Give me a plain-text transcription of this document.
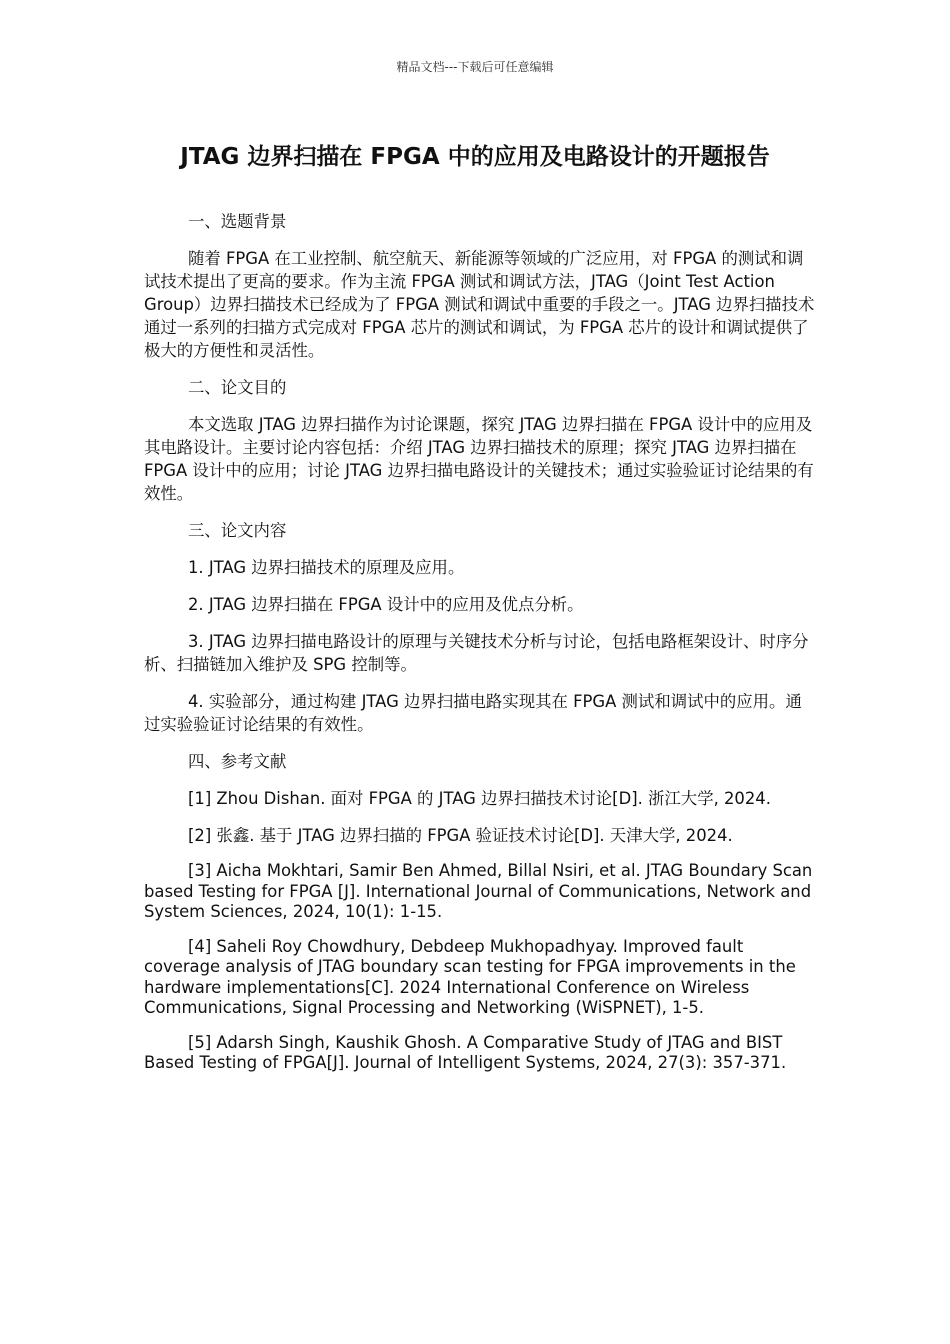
精品文档---下载后可任意编辑
JTAG 边界扫描在 FPGA 中的应用及电路设计的开题报告

一、选题背景

随着 FPGA 在工业控制、航空航天、新能源等领域的广泛应用，对 FPGA 的测试和调试技术提出了更高的要求。作为主流 FPGA 测试和调试方法，JTAG（Joint Test Action Group）边界扫描技术已经成为了 FPGA 测试和调试中重要的手段之一。JTAG 边界扫描技术通过一系列的扫描方式完成对 FPGA 芯片的测试和调试，为 FPGA 芯片的设计和调试提供了极大的方便性和灵活性。

二、论文目的

本文选取 JTAG 边界扫描作为讨论课题，探究 JTAG 边界扫描在 FPGA 设计中的应用及其电路设计。主要讨论内容包括：介绍 JTAG 边界扫描技术的原理；探究 JTAG 边界扫描在 FPGA 设计中的应用；讨论 JTAG 边界扫描电路设计的关键技术；通过实验验证讨论结果的有效性。

三、论文内容

1. JTAG 边界扫描技术的原理及应用。

2. JTAG 边界扫描在 FPGA 设计中的应用及优点分析。

3. JTAG 边界扫描电路设计的原理与关键技术分析与讨论，包括电路框架设计、时序分析、扫描链加入维护及 SPG 控制等。

4. 实验部分，通过构建 JTAG 边界扫描电路实现其在 FPGA 测试和调试中的应用。通过实验验证讨论结果的有效性。

四、参考文献

[1] Zhou Dishan. 面对 FPGA 的 JTAG 边界扫描技术讨论[D]. 浙江大学, 2024.

[2] 张鑫. 基于 JTAG 边界扫描的 FPGA 验证技术讨论[D]. 天津大学, 2024.

[3] Aicha Mokhtari, Samir Ben Ahmed, Billal Nsiri, et al. JTAG Boundary Scan based Testing for FPGA [J]. International Journal of Communications, Network and System Sciences, 2024, 10(1): 1-15.

[4] Saheli Roy Chowdhury, Debdeep Mukhopadhyay. Improved fault coverage analysis of JTAG boundary scan testing for FPGA improvements in the hardware implementations[C]. 2024 International Conference on Wireless Communications, Signal Processing and Networking (WiSPNET), 1-5.

[5] Adarsh Singh, Kaushik Ghosh. A Comparative Study of JTAG and BIST Based Testing of FPGA[J]. Journal of Intelligent Systems, 2024, 27(3): 357-371.
